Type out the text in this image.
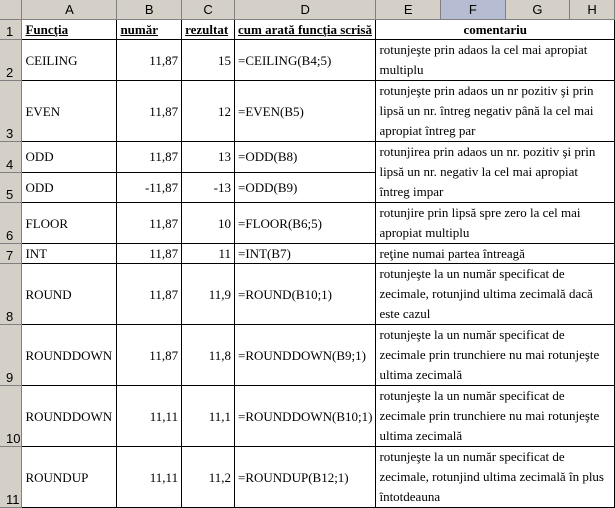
	A	B	C	D	E	F	G	H
1	Funcţia	număr	rezultat	cum arată funcţia scrisă	comentariu			
2	CEILING	11,87	15	=CEILING(B4;5)	rotunjeşte prin adaos la cel mai apropiat multiplu			
3	EVEN	11,87	12	=EVEN(B5)	rotunjeşte prin adaos un nr pozitiv şi prin lipsă un nr. întreg negativ până la cel mai apropiat întreg par			
4	ODD	11,87	13	=ODD(B8)	rotunjirea prin adaos un nr. pozitiv şi prin lipsă un nr. negativ la cel mai apropiat întreg impar			
5	ODD	-11,87	-13	=ODD(B9)				
6	FLOOR	11,87	10	=FLOOR(B6;5)	rotunjire prin lipsă spre zero la cel mai apropiat multiplu			
7	INT	11,87	11	=INT(B7)	reţine numai partea întreagă			
8	ROUND	11,87	11,9	=ROUND(B10;1)	rotunjeşte la un număr specificat de zecimale, rotunjind ultima zecimală dacă este cazul			
9	ROUNDDOWN	11,87	11,8	=ROUNDDOWN(B9;1)	rotunjeşte la un număr specificat de zecimale prin trunchiere nu mai rotunjeşte ultima zecimală			
10	ROUNDDOWN	11,11	11,1	=ROUNDDOWN(B10;1)	rotunjeşte la un număr specificat de zecimale prin trunchiere nu mai rotunjeşte ultima zecimală			
11	ROUNDUP	11,11	11,2	=ROUNDUP(B12;1)	rotunjeşte la un număr specificat de zecimale, rotunjind ultima zecimală în plus întotdeauna			
